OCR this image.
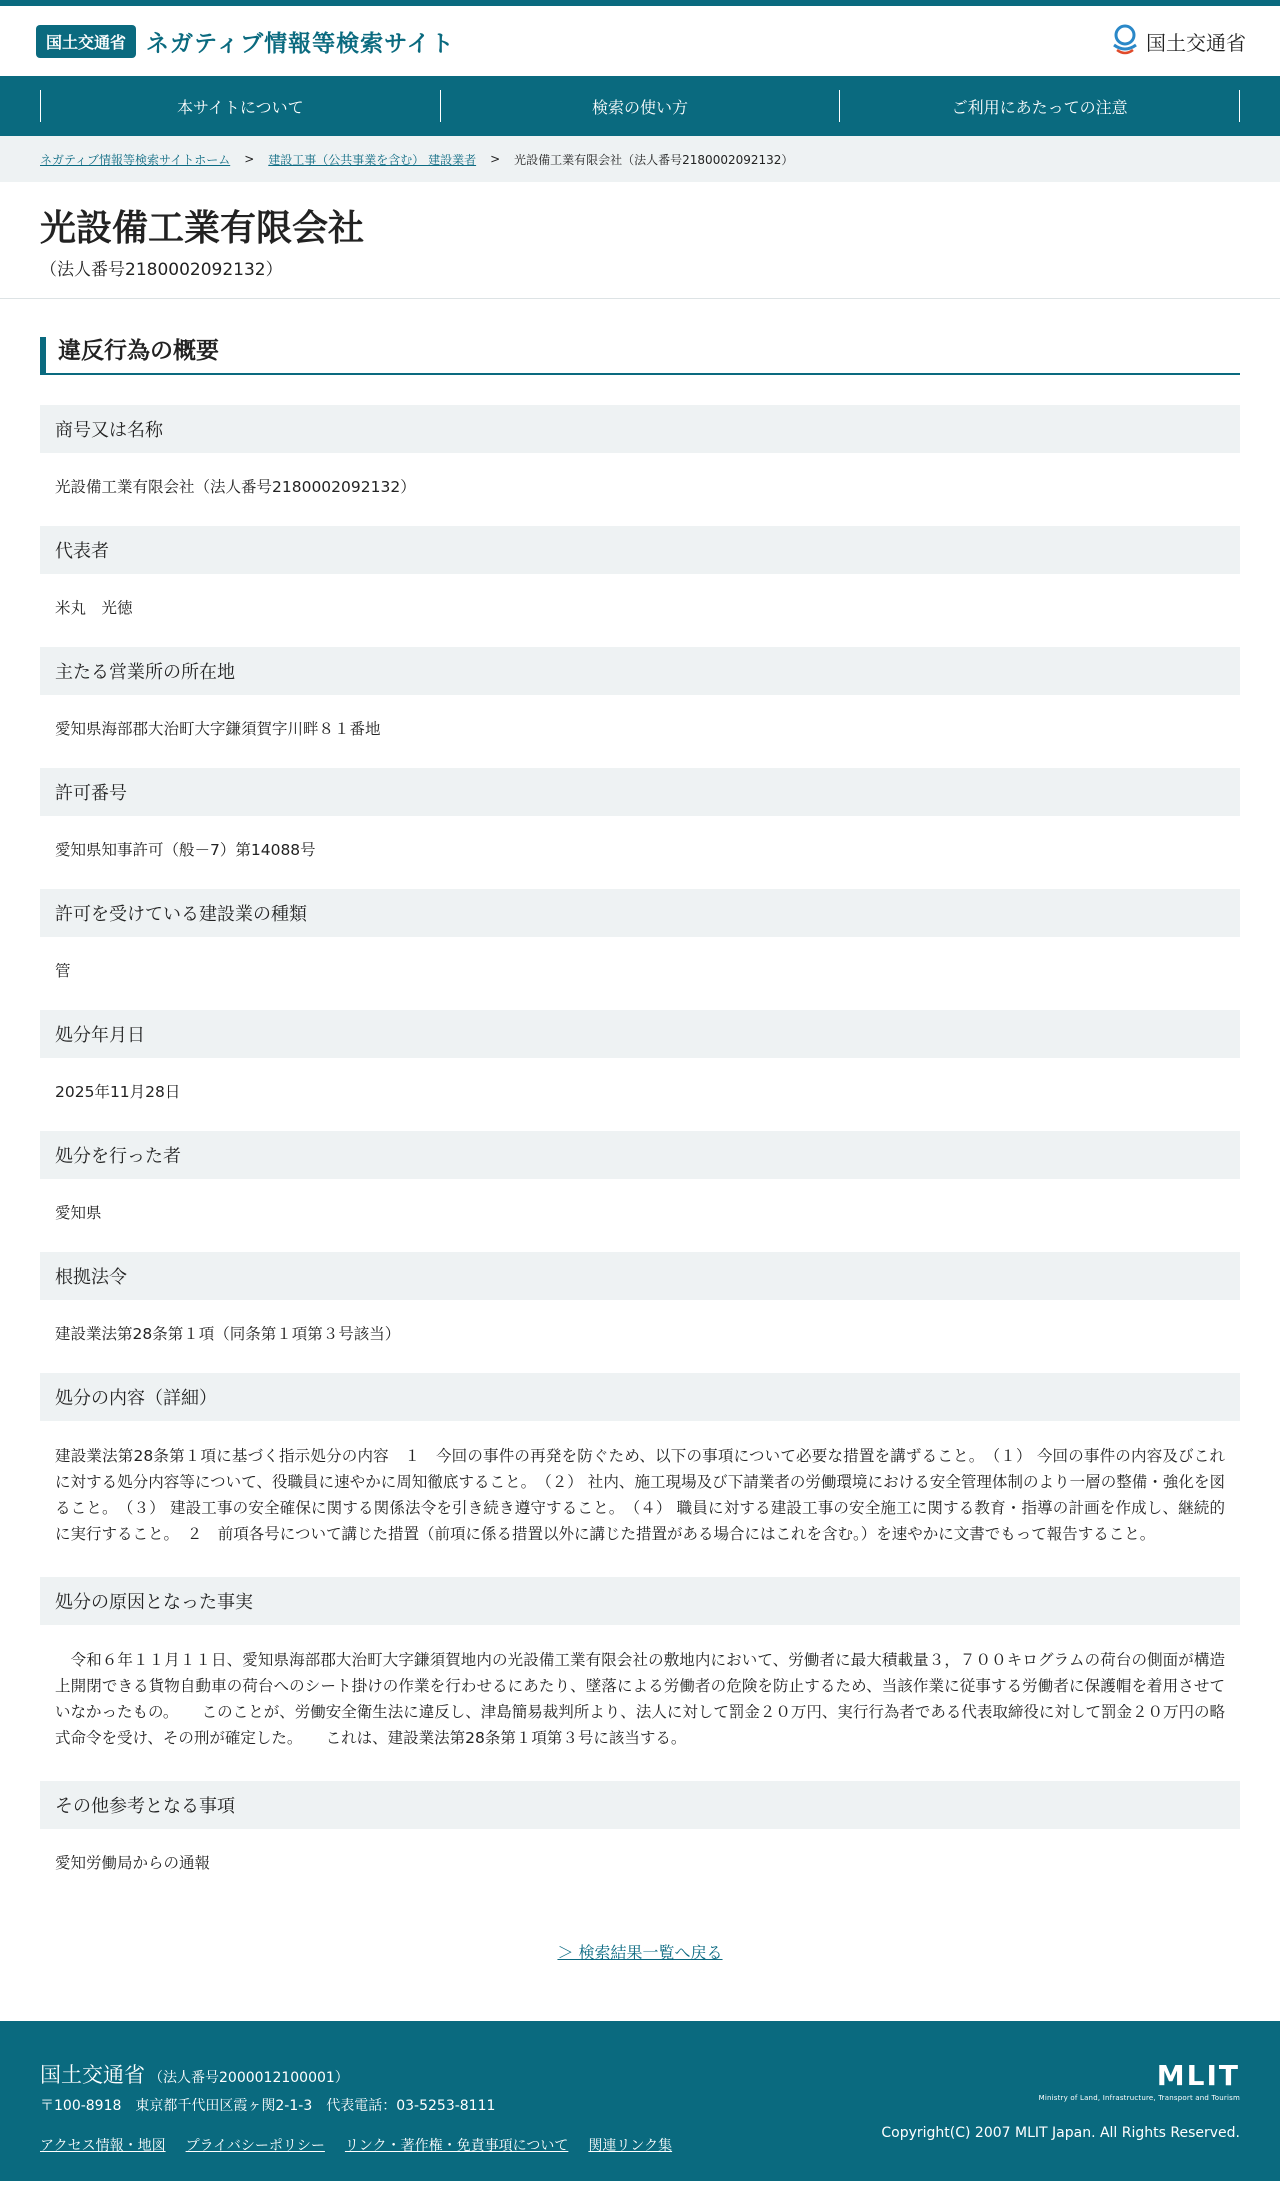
国土交通省 ネガティブ情報等検索サイト	国土交通省
本サイトについて	検索の使い方	ご利用にあたっての注意
ネガティブ情報等検索サイトホーム > 建設工事（公共事業を含む） 建設業者 > 光設備工業有限会社（法人番号2180002092132）
光設備工業有限会社
（法人番号2180002092132）
違反行為の概要
商号又は名称
光設備工業有限会社（法人番号2180002092132）
代表者
米丸　光徳
主たる営業所の所在地
愛知県海部郡大治町大字鎌須賀字川畔８１番地
許可番号
愛知県知事許可（般－7）第14088号
許可を受けている建設業の種類
管
処分年月日
2025年11月28日
処分を行った者
愛知県
根拠法令
建設業法第28条第１項（同条第１項第３号該当）
処分の内容（詳細）
建設業法第28条第１項に基づく指示処分の内容　１　今回の事件の再発を防ぐため、以下の事項について必要な措置を講ずること。　（１） 今回の事件の内容及びこれに対する処分内容等について、役職員に速やかに周知徹底すること。　（２） 社内、施工現場及び下請業者の労働環境における安全管理体制のより一層の整備・強化を図ること。　（３） 建設工事の安全確保に関する関係法令を引き続き遵守すること。　（４） 職員に対する建設工事の安全施工に関する教育・指導の計画を作成し、継続的に実行すること。　２　前項各号について講じた措置（前項に係る措置以外に講じた措置がある場合にはこれを含む。）を速やかに文書でもって報告すること。
処分の原因となった事実
　令和６年１１月１１日、愛知県海部郡大治町大字鎌須賀地内の光設備工業有限会社の敷地内において、労働者に最大積載量３，７００キログラムの荷台の側面が構造上開閉できる貨物自動車の荷台へのシート掛けの作業を行わせるにあたり、墜落による労働者の危険を防止するため、当該作業に従事する労働者に保護帽を着用させていなかったもの。　　このことが、労働安全衛生法に違反し、津島簡易裁判所より、法人に対して罰金２０万円、実行行為者である代表取締役に対して罰金２０万円の略式命令を受け、その刑が確定した。　　これは、建設業法第28条第１項第３号に該当する。
その他参考となる事項
愛知労働局からの通報
＞ 検索結果一覧へ戻る
国土交通省 （法人番号2000012100001）
〒100-8918　東京都千代田区霞ヶ関2-1-3　代表電話：03-5253-8111
アクセス情報・地図 プライバシーポリシー リンク・著作権・免責事項について 関連リンク集
MLIT
Ministry of Land, Infrastructure, Transport and Tourism
Copyright(C) 2007 MLIT Japan. All Rights Reserved.
